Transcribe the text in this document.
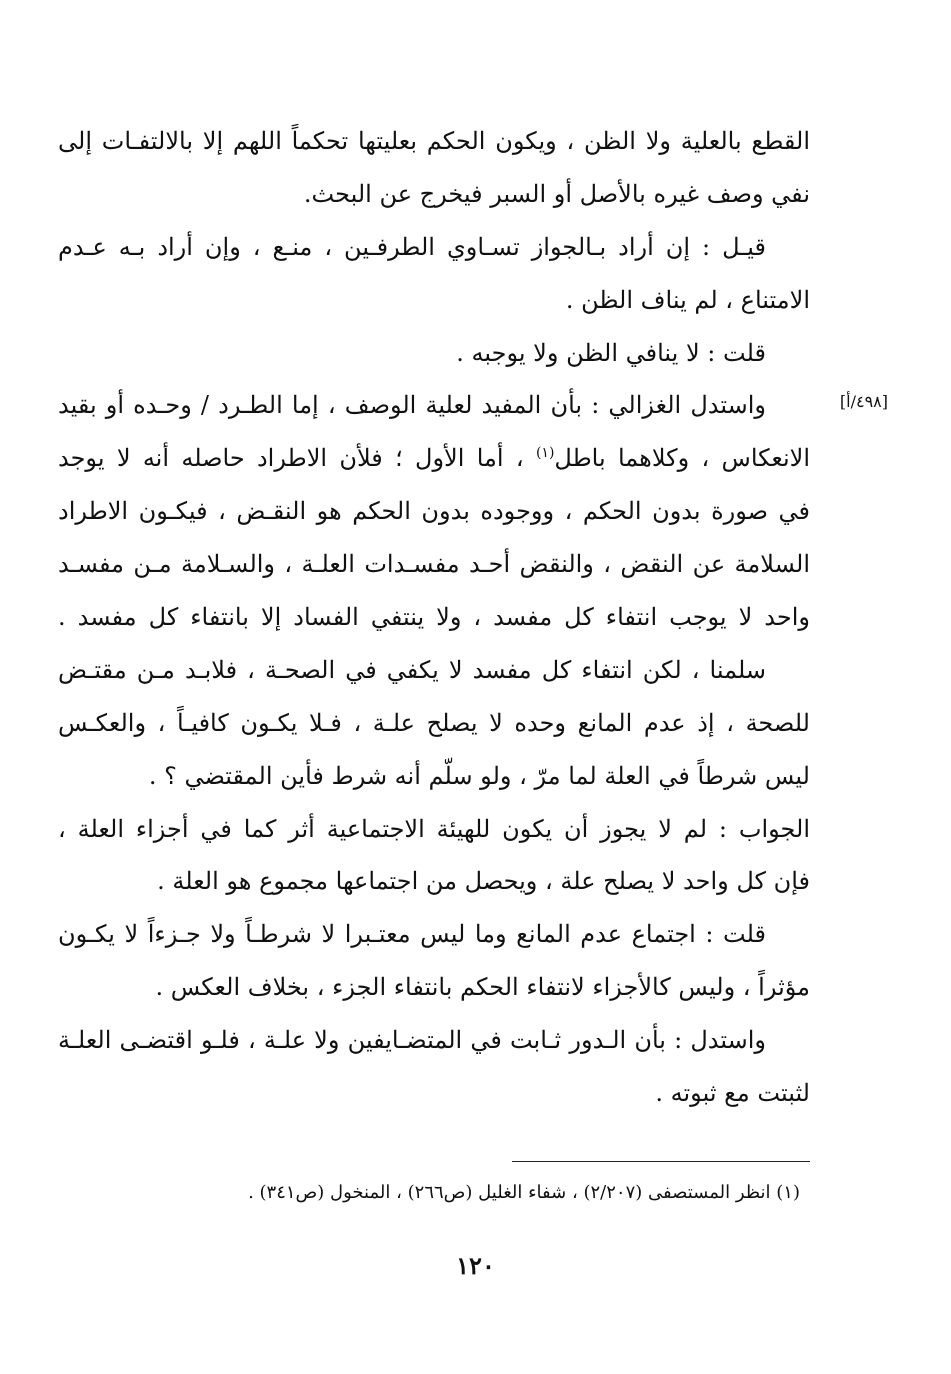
[٤٩٨/أ]
القطع بالعلية ولا الظن ، ويكون الحكم بعليتها تحكماً اللهم إلا بالالتفـات إلى
نفي وصف غيره بالأصل أو السبر فيخرج عن البحث.
قيـل : إن أراد بـالجواز تسـاوي الطرفـين ، منـع ، وإن أراد بـه عـدم
الامتناع ، لم يناف الظن .
قلت : لا ينافي الظن ولا يوجبه .
واستدل الغزالي : بأن المفيد لعلية الوصف ، إما الطـرد / وحـده أو بقيد
الانعكاس ، وكلاهما باطل$^{(١)}$ ، أما الأول ؛ فلأن الاطراد حاصله أنه لا يوجد
في صورة بدون الحكم ، ووجوده بدون الحكم هو النقـض ، فيكـون الاطراد
السلامة عن النقض ، والنقض أحـد مفسـدات العلـة ، والسـلامة مـن مفسـد
واحد لا يوجب انتفاء كل مفسد ، ولا ينتفي الفساد إلا بانتفاء كل مفسد .
سلمنا ، لكن انتفاء كل مفسد لا يكفي في الصحـة ، فلابـد مـن مقتـض
للصحة ، إذ عدم المانع وحده لا يصلح علـة ، فـلا يكـون كافيـاً ، والعكـس
ليس شرطاً في العلة لما مرّ ، ولو سلّم أنه شرط فأين المقتضي ؟ .
الجواب : لم لا يجوز أن يكون للهيئة الاجتماعية أثر كما في أجزاء العلة ،
فإن كل واحد لا يصلح علة ، ويحصل من اجتماعها مجموع هو العلة .
قلت : اجتماع عدم المانع وما ليس معتـبرا لا شرطـاً ولا جـزءاً لا يكـون
مؤثراً ، وليس كالأجزاء لانتفاء الحكم بانتفاء الجزء ، بخلاف العكس .
واستدل : بأن الـدور ثـابت في المتضـايفين ولا علـة ، فلـو اقتضـى العلـة
لثبتت مع ثبوته .
(١) انظر المستصفى (٢/٢٠٧) ، شفاء الغليل (ص٢٦٦) ، المنخول (ص٣٤١) .
١٢٠
